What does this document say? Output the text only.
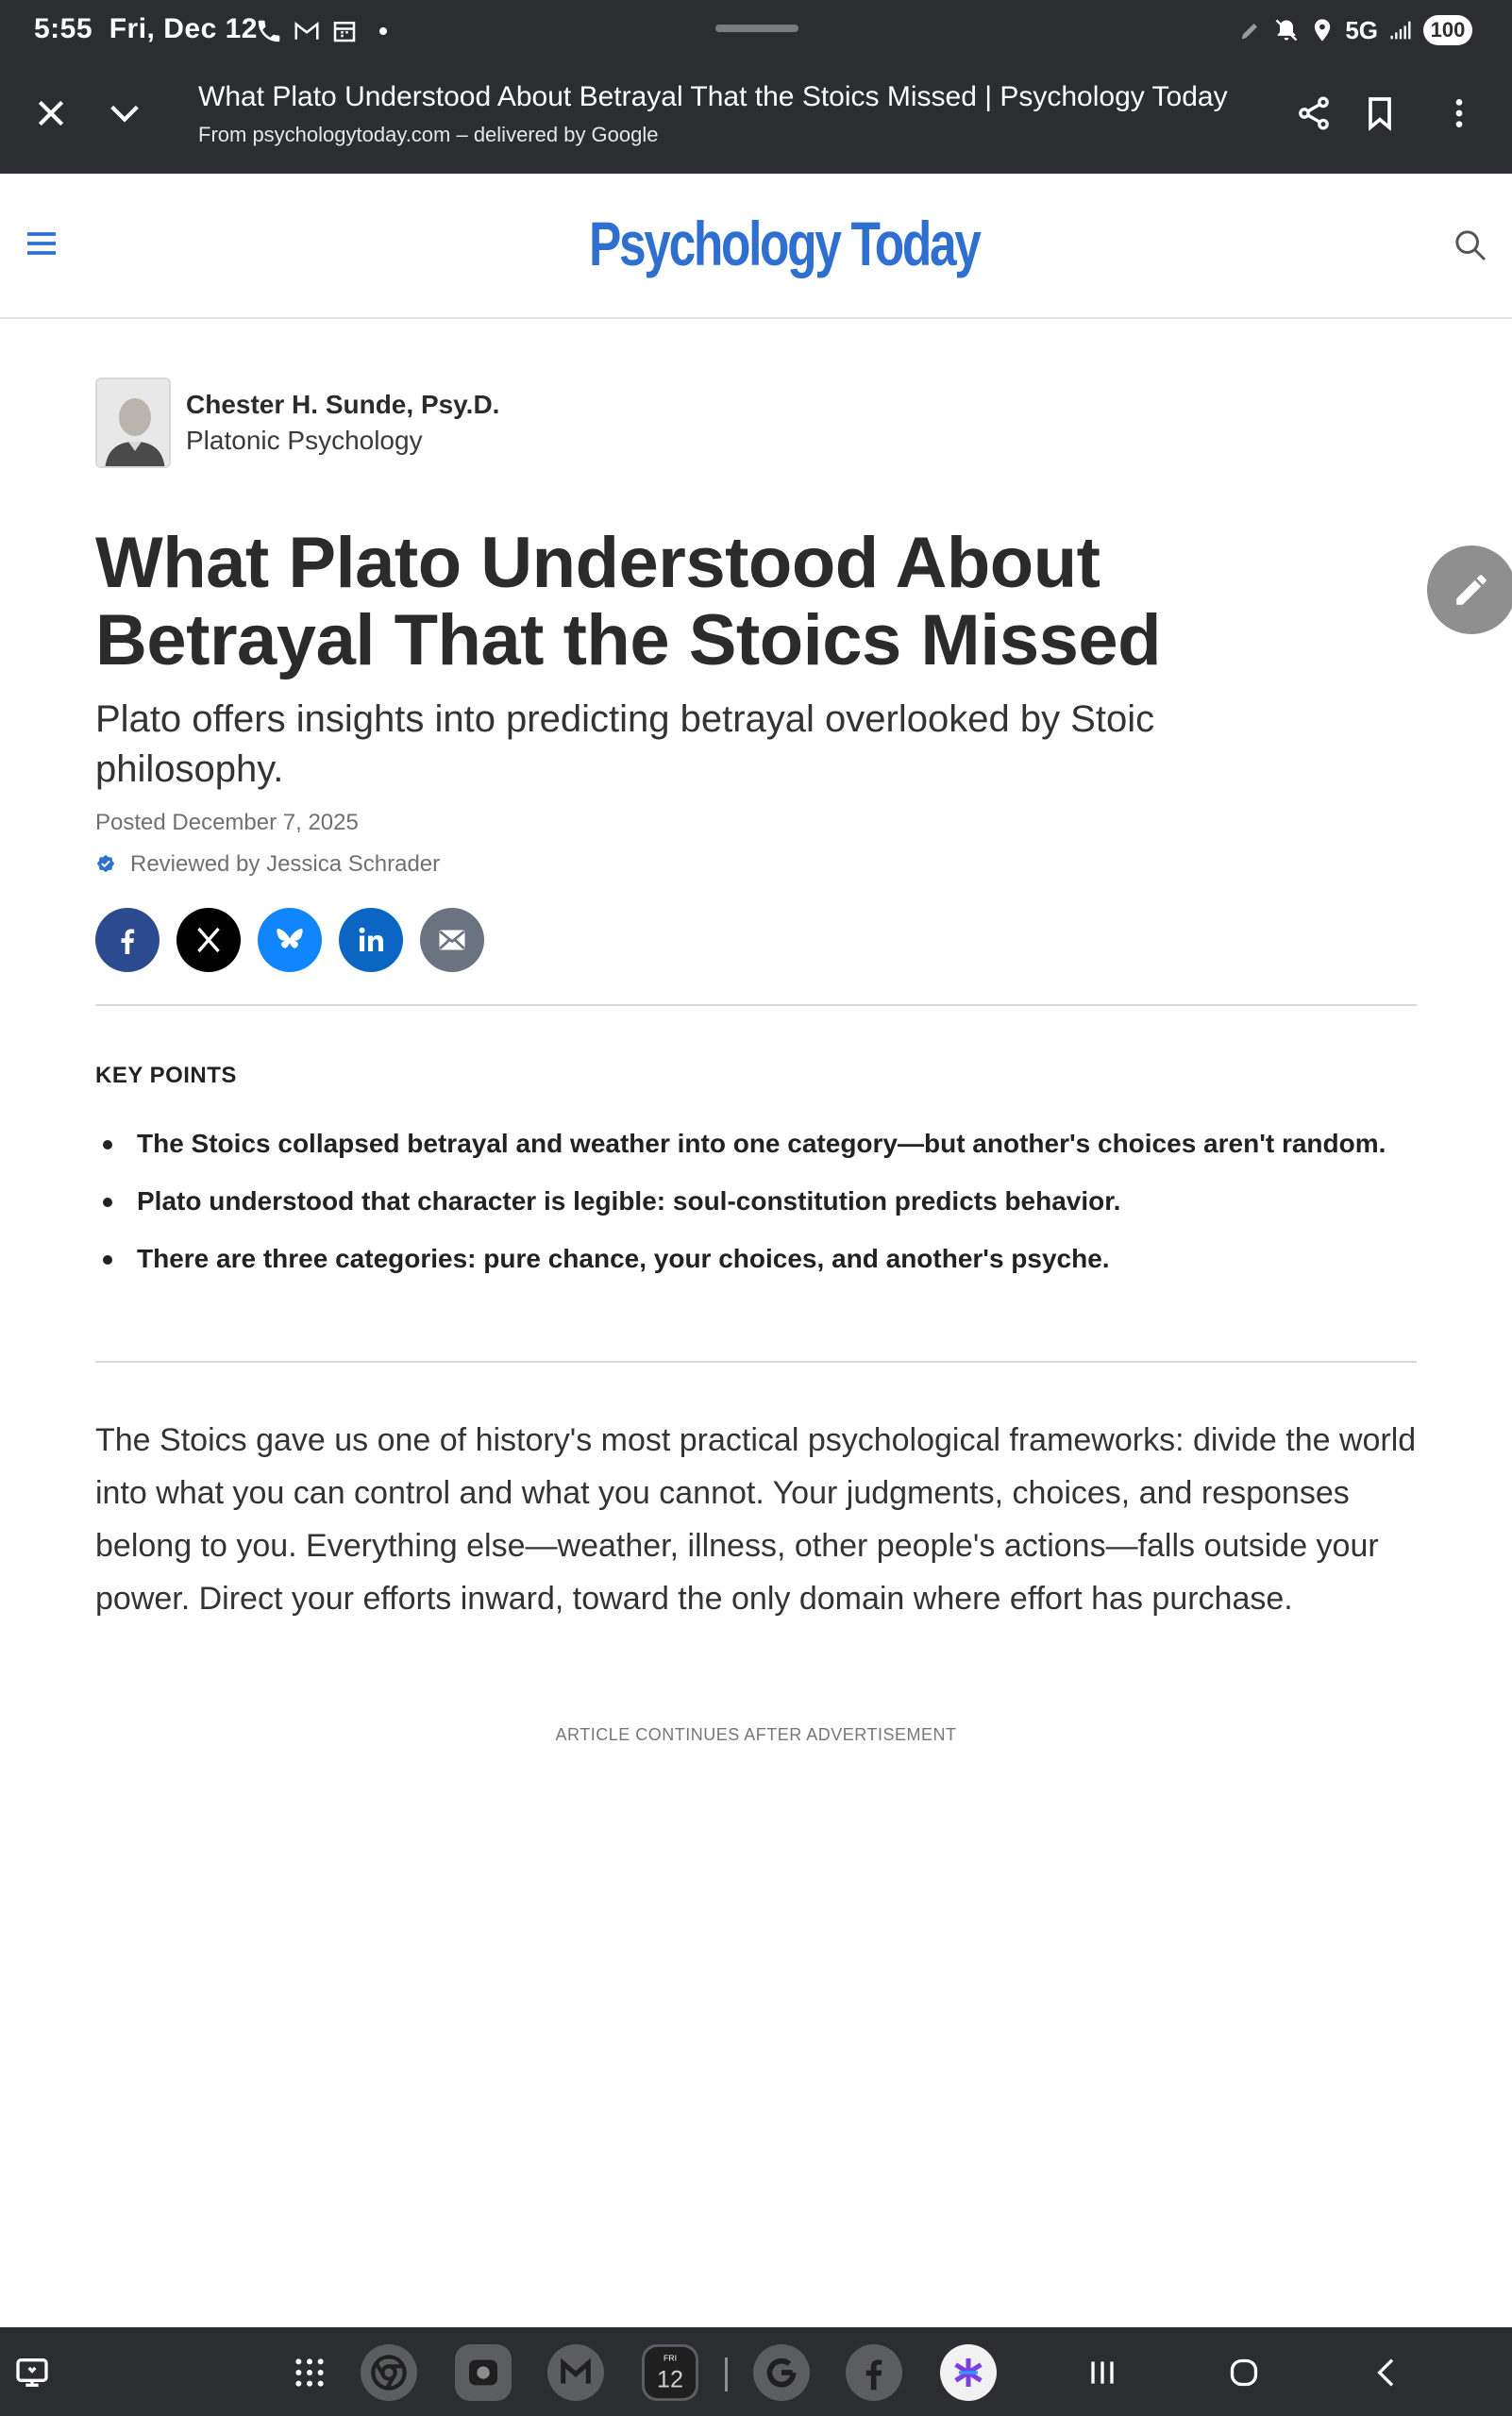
5:55 Fri, Dec 12	5G	100
What Plato Understood About Betrayal That the Stoics Missed | Psychology Today
From psychologytoday.com – delivered by Google
Psychology Today
Chester H. Sunde, Psy.D.
Platonic Psychology
What Plato Understood About
Betrayal That the Stoics Missed
Plato offers insights into predicting betrayal overlooked by Stoic philosophy.
Posted December 7, 2025
Reviewed by Jessica Schrader
KEY POINTS
The Stoics collapsed betrayal and weather into one category—but another's choices aren't random.
Plato understood that character is legible: soul-constitution predicts behavior.
There are three categories: pure chance, your choices, and another's psyche.

The Stoics gave us one of history's most practical psychological frameworks: divide the world into what you can control and what you cannot. Your judgments, choices, and responses belong to you. Everything else—weather, illness, other people's actions—falls outside your power. Direct your efforts inward, toward the only domain where effort has purchase.

ARTICLE CONTINUES AFTER ADVERTISEMENT
FRI
12
